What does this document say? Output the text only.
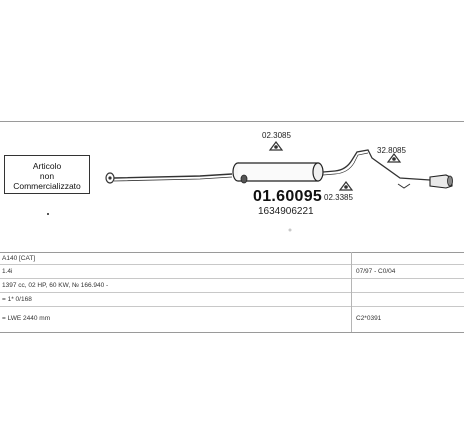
Articolo
non
Commercializzato
02.3085
32.8085
02.3385
01.60095
1634906221
A140 [CAT]
1.4i	07/97 - C0/04
1397 cc, 02 HP, 60 KW, № 166.940 -
= 1* 0/168
= LWE 2440 mm	C2*0391
